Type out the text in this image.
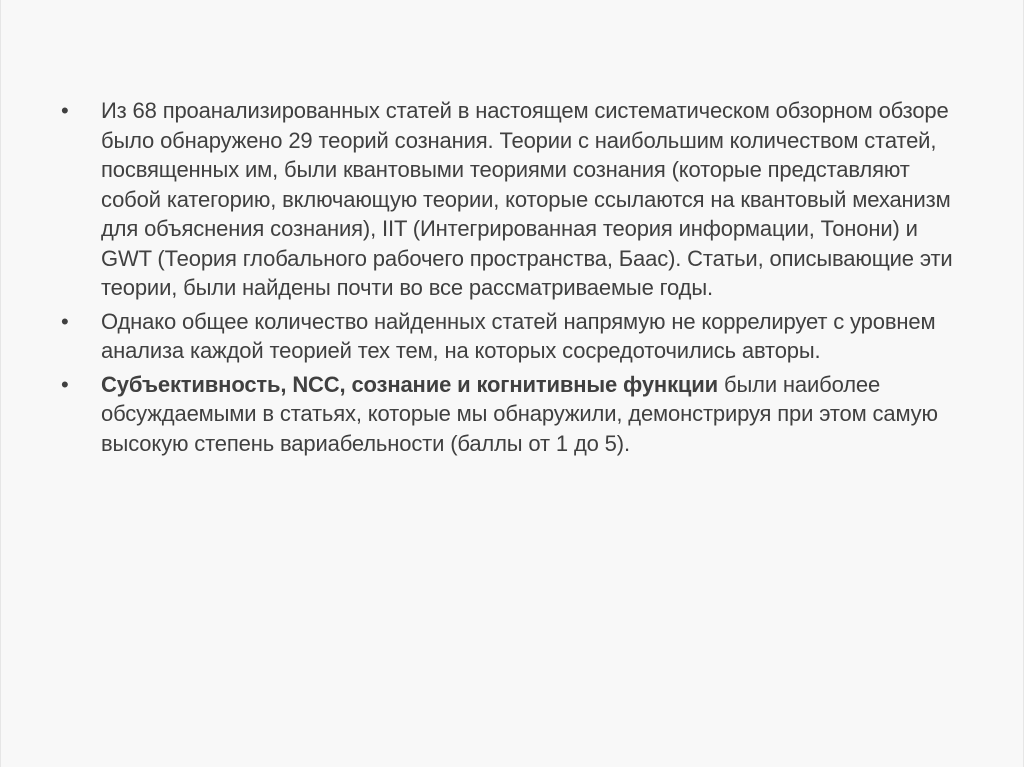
•	Из 68 проанализированных статей в настоящем систематическом обзорном обзоре было обнаружено 29 теорий сознания. Теории с наибольшим количеством статей, посвященных им, были квантовыми теориями сознания (которые представляют собой категорию, включающую теории, которые ссылаются на квантовый механизм для объяснения сознания), IIT (Интегрированная теория информации, Тонони) и GWT (Теория глобального рабочего пространства, Баас). Статьи, описывающие эти теории, были найдены почти во все рассматриваемые годы.
•	Однако общее количество найденных статей напрямую не коррелирует с уровнем анализа каждой теорией тех тем, на которых сосредоточились авторы.
•	Субъективность, NCC, сознание и когнитивные функции были наиболее обсуждаемыми в статьях, которые мы обнаружили, демонстрируя при этом самую высокую степень вариабельности (баллы от 1 до 5).
